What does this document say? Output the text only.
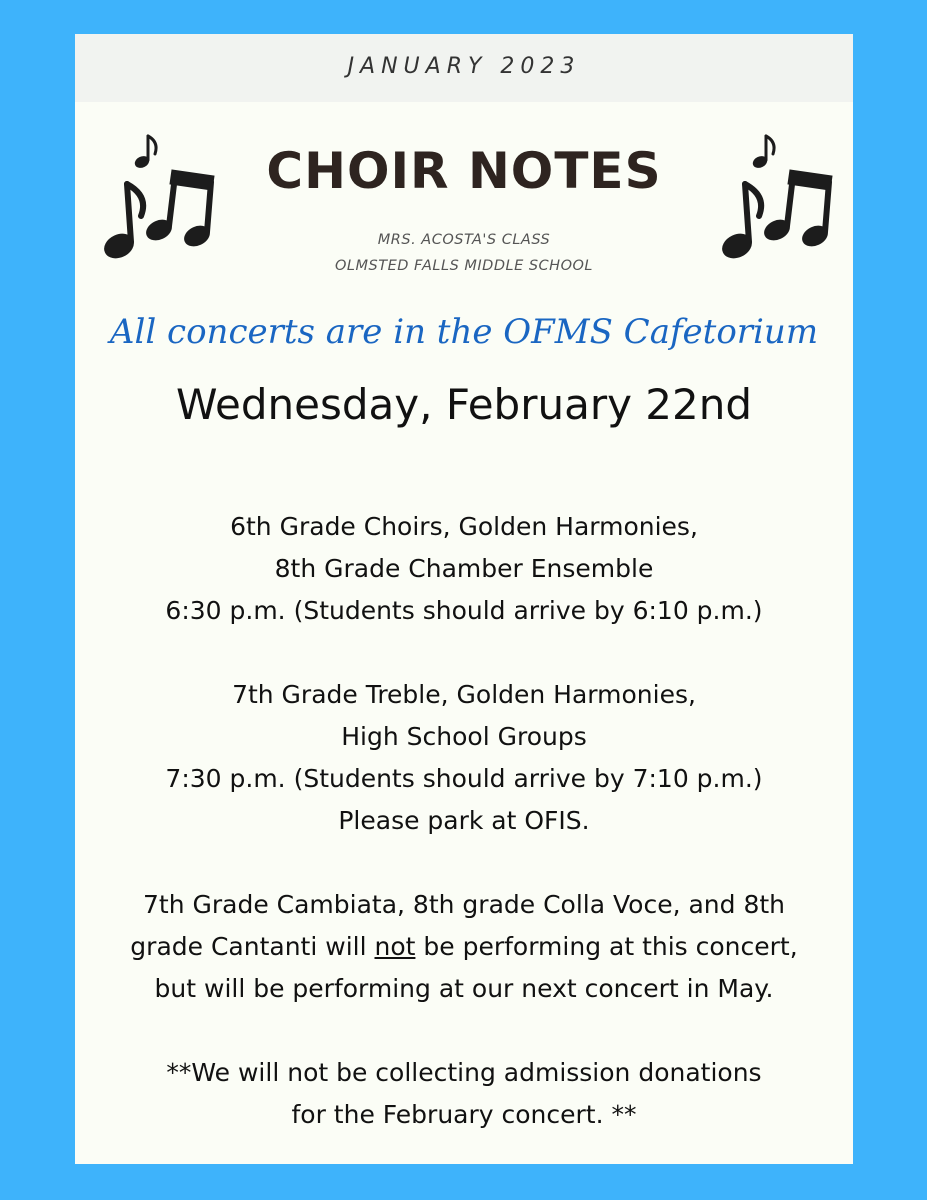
JANUARY 2023
CHOIR NOTES
MRS. ACOSTA'S CLASS
OLMSTED FALLS MIDDLE SCHOOL
All concerts are in the OFMS Cafetorium
Wednesday, February 22nd
6th Grade Choirs, Golden Harmonies,
8th Grade Chamber Ensemble
6:30 p.m. (Students should arrive by 6:10 p.m.)
7th Grade Treble, Golden Harmonies,
High School Groups
7:30 p.m. (Students should arrive by 7:10 p.m.)
Please park at OFIS.
7th Grade Cambiata, 8th grade Colla Voce, and 8th
grade Cantanti will not be performing at this concert,
but will be performing at our next concert in May.
**We will not be collecting admission donations
for the February concert. **
